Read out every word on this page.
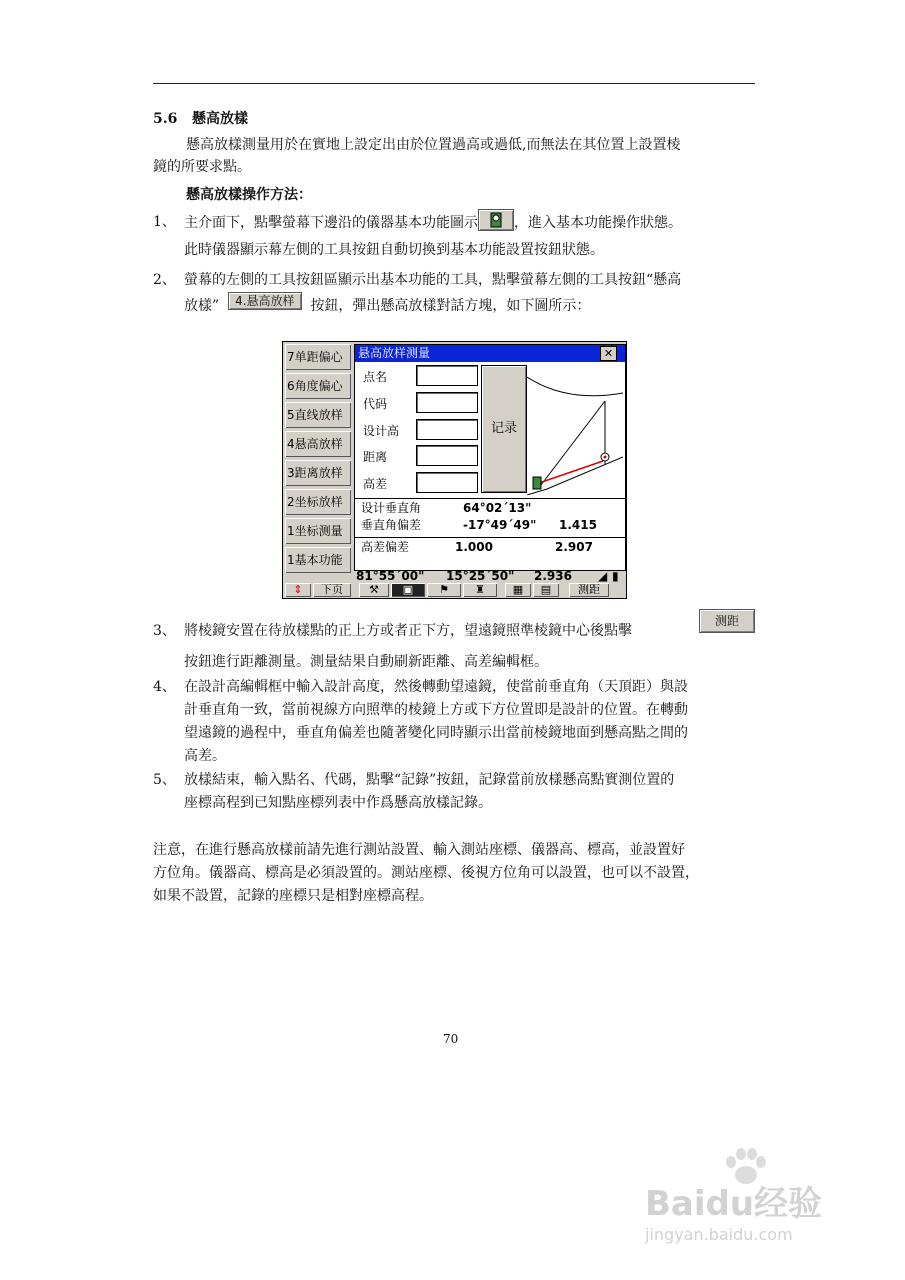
5.6 懸高放樣
懸高放樣測量用於在實地上設定出由於位置過高或過低,而無法在其位置上設置棱
鏡的所要求點。
懸高放樣操作方法：
1、 主介面下，點擊螢幕下邊沿的儀器基本功能圖示	，進入基本功能操作狀態。
此時儀器顯示幕左側的工具按鈕自動切換到基本功能設置按鈕狀態。
2、 螢幕的左側的工具按鈕區顯示出基本功能的工具，點擊螢幕左側的工具按鈕“懸高
放樣” 4.悬高放样 按鈕，彈出懸高放樣對話方塊，如下圖所示：
7单距偏心
6角度偏心
5直线放样
4悬高放样
3距离放样
2坐标放样
1坐标测量
1基本功能
悬高放样测量	✕
点名
代码
设计高
距离
高差
记录
设计垂直角	64°02´13"
垂直角偏差	-17°49´49" 1.415
高差偏差	1.000	2.907
81°55´00" 15°25´50" 2.936 ◢ ▮
⇕	下页	⚒	▣	⚑	♜	▦	▤	测距
3、 將棱鏡安置在待放樣點的正上方或者正下方，望遠鏡照準棱鏡中心後點擊
测距
按鈕進行距離測量。測量結果自動刷新距離、高差編輯框。
4、 在設計高編輯框中輸入設計高度，然後轉動望遠鏡，使當前垂直角（天頂距）與設
計垂直角一致，當前視線方向照準的棱鏡上方或下方位置即是設計的位置。在轉動
望遠鏡的過程中，垂直角偏差也隨著變化同時顯示出當前棱鏡地面到懸高點之間的
高差。
5、 放樣結束，輸入點名、代碼，點擊“記錄”按鈕，記錄當前放樣懸高點實測位置的
座標高程到已知點座標列表中作爲懸高放樣記錄。
注意，在進行懸高放樣前請先進行測站設置、輸入測站座標、儀器高、標高，並設置好
方位角。儀器高、標高是必須設置的。測站座標、後視方位角可以設置，也可以不設置，
如果不設置，記錄的座標只是相對座標高程。
70
Baidu经验
jingyan.baidu.com
